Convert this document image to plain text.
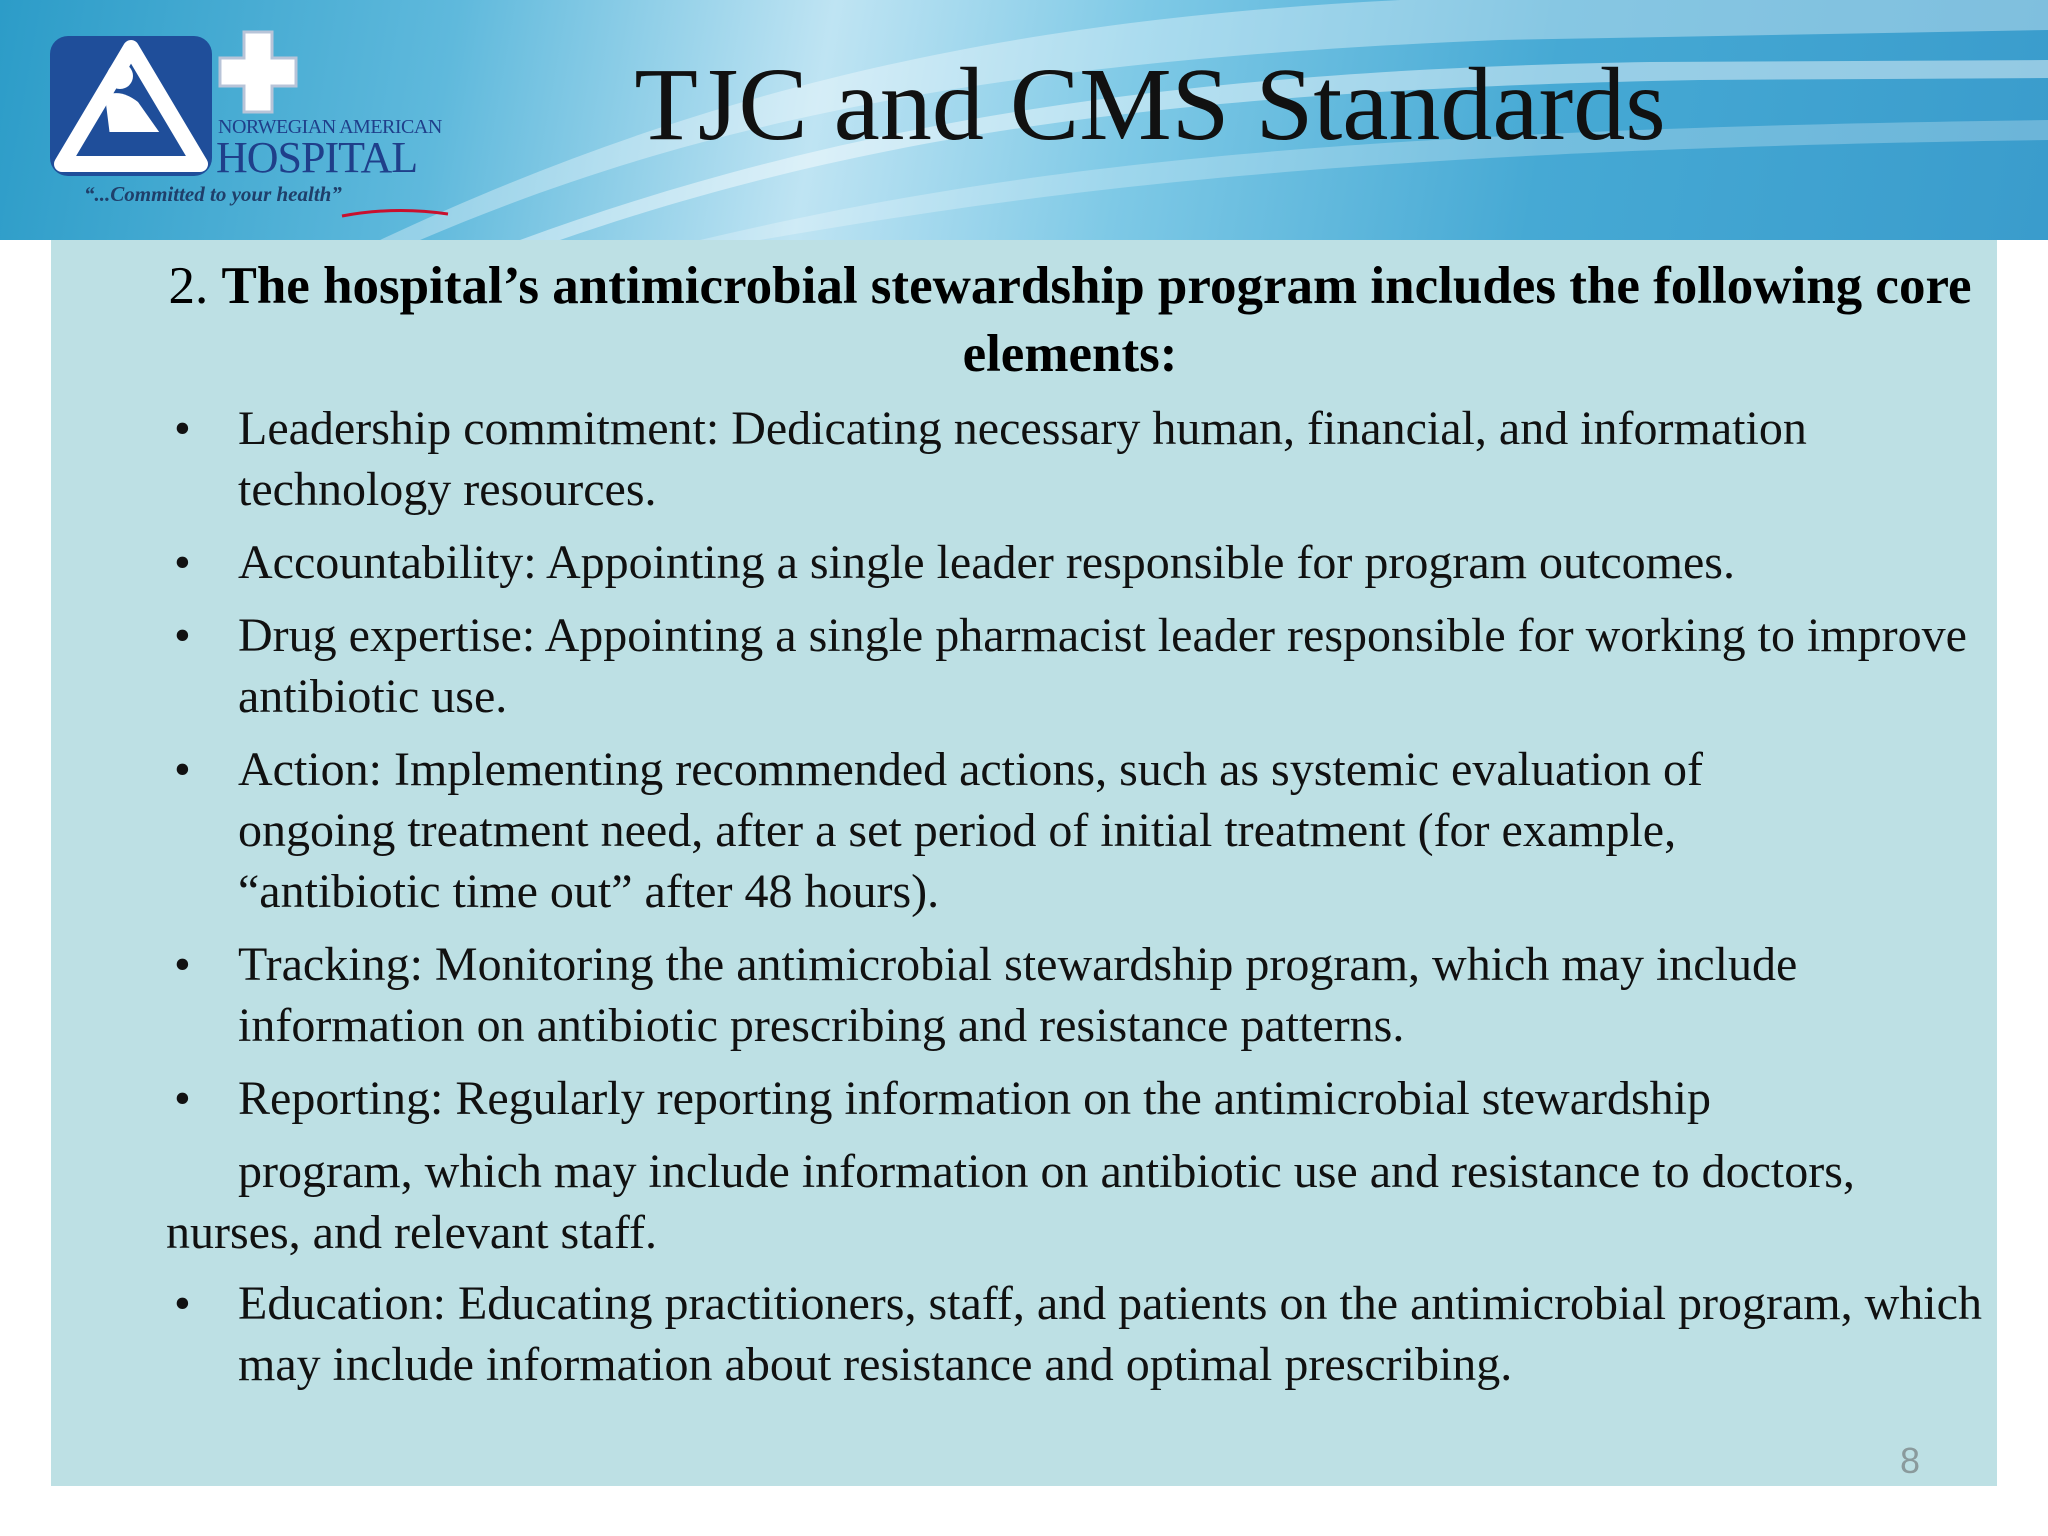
NORWEGIAN AMERICAN
HOSPITAL
“...Committed to your health”
TJC and CMS Standards
2. The hospital’s antimicrobial stewardship program includes the following core elements:
• Leadership commitment: Dedicating necessary human, financial, and information technology resources.
• Accountability: Appointing a single leader responsible for program outcomes.
• Drug expertise: Appointing a single pharmacist leader responsible for working to improve antibiotic use.
• Action: Implementing recommended actions, such as systemic evaluation of ongoing treatment need, after a set period of initial treatment (for example, “antibiotic time out” after 48 hours).
• Tracking: Monitoring the antimicrobial stewardship program, which may include information on antibiotic prescribing and resistance patterns.
• Reporting: Regularly reporting information on the antimicrobial stewardship
program, which may include information on antibiotic use and resistance to doctors,
nurses, and relevant staff.
• Education: Educating practitioners, staff, and patients on the antimicrobial program, which may include information about resistance and optimal prescribing.
8
